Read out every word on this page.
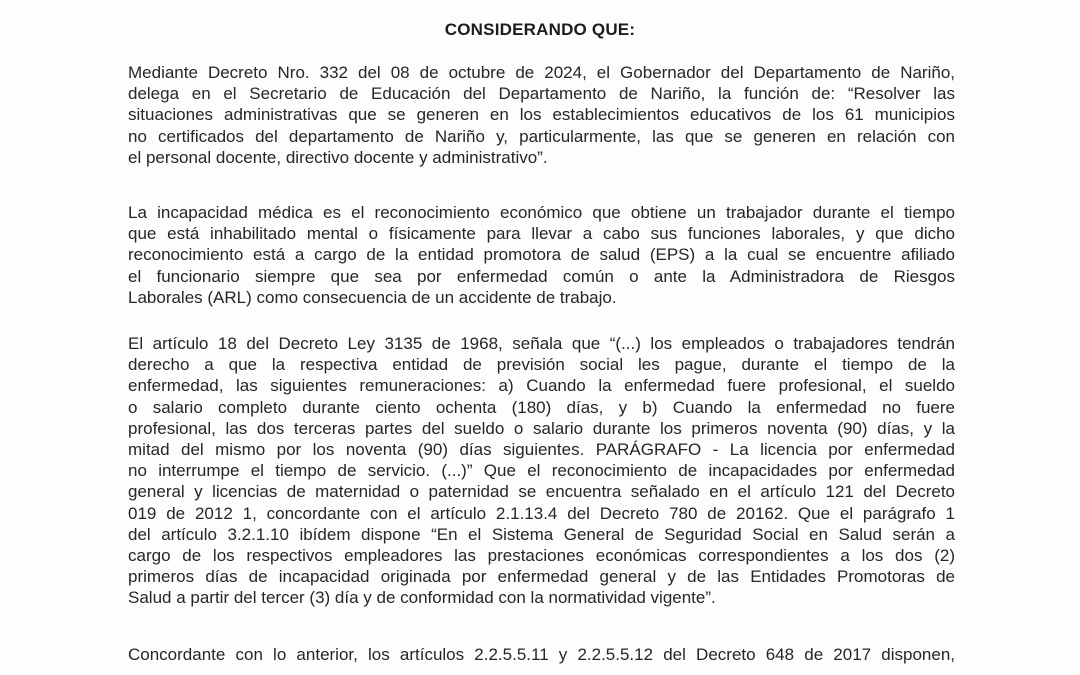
CONSIDERANDO QUE:
Mediante Decreto Nro. 332 del 08 de octubre de 2024, el Gobernador del Departamento de Nariño,
delega en el Secretario de Educación del Departamento de Nariño, la función de: “Resolver las
situaciones administrativas que se generen en los establecimientos educativos de los 61 municipios
no certificados del departamento de Nariño y, particularmente, las que se generen en relación con
el personal docente, directivo docente y administrativo”.
La incapacidad médica es el reconocimiento económico que obtiene un trabajador durante el tiempo
que está inhabilitado mental o físicamente para llevar a cabo sus funciones laborales, y que dicho
reconocimiento está a cargo de la entidad promotora de salud (EPS) a la cual se encuentre afiliado
el funcionario siempre que sea por enfermedad común o ante la Administradora de Riesgos
Laborales (ARL) como consecuencia de un accidente de trabajo.
El artículo 18 del Decreto Ley 3135 de 1968, señala que “(...) los empleados o trabajadores tendrán
derecho a que la respectiva entidad de previsión social les pague, durante el tiempo de la
enfermedad, las siguientes remuneraciones: a) Cuando la enfermedad fuere profesional, el sueldo
o salario completo durante ciento ochenta (180) días, y b) Cuando la enfermedad no fuere
profesional, las dos terceras partes del sueldo o salario durante los primeros noventa (90) días, y la
mitad del mismo por los noventa (90) días siguientes. PARÁGRAFO - La licencia por enfermedad
no interrumpe el tiempo de servicio. (...)” Que el reconocimiento de incapacidades por enfermedad
general y licencias de maternidad o paternidad se encuentra señalado en el artículo 121 del Decreto
019 de 2012 1, concordante con el artículo 2.1.13.4 del Decreto 780 de 20162. Que el parágrafo 1
del artículo 3.2.1.10 ibídem dispone “En el Sistema General de Seguridad Social en Salud serán a
cargo de los respectivos empleadores las prestaciones económicas correspondientes a los dos (2)
primeros días de incapacidad originada por enfermedad general y de las Entidades Promotoras de
Salud a partir del tercer (3) día y de conformidad con la normatividad vigente”.
Concordante con lo anterior, los artículos 2.2.5.5.11 y 2.2.5.5.12 del Decreto 648 de 2017 disponen,
